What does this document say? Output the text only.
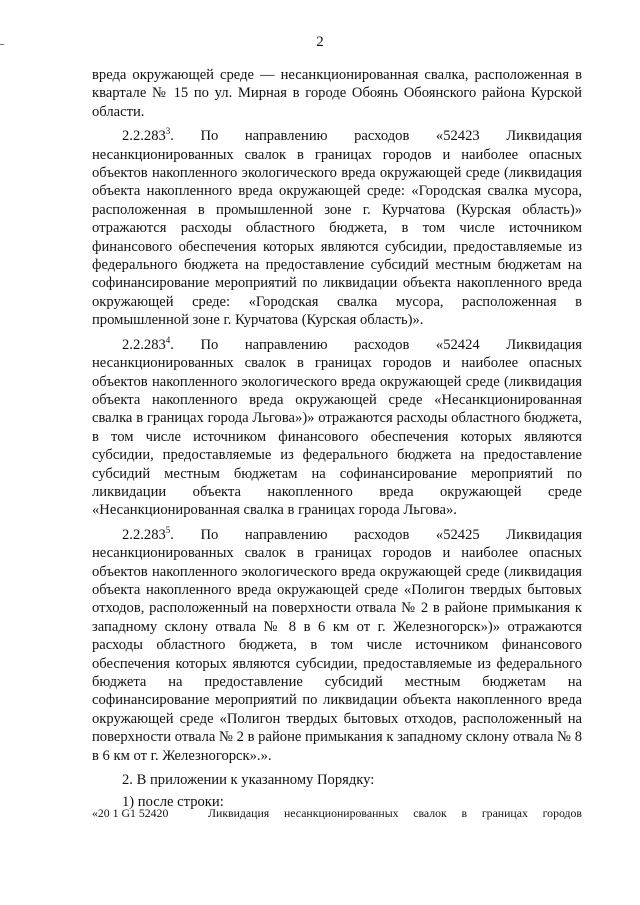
2

вреда окружающей среде — несанкционированная свалка, расположенная в квартале № 15 по ул. Мирная в городе Обоянь Обоянского района Курской области.

2.2.283$^3$. По направлению расходов «52423 Ликвидация несанкционированных свалок в границах городов и наиболее опасных объектов накопленного экологического вреда окружающей среде (ликвидация объекта накопленного вреда окружающей среде: «Городская свалка мусора, расположенная в промышленной зоне г. Курчатова (Курская область)» отражаются расходы областного бюджета, в том числе источником финансового обеспечения которых являются субсидии, предоставляемые из федерального бюджета на предоставление субсидий местным бюджетам на софинансирование мероприятий по ликвидации объекта накопленного вреда окружающей среде: «Городская свалка мусора, расположенная в промышленной зоне г. Курчатова (Курская область)».

2.2.283$^4$. По направлению расходов «52424 Ликвидация несанкционированных свалок в границах городов и наиболее опасных объектов накопленного экологического вреда окружающей среде (ликвидация объекта накопленного вреда окружающей среде «Несанкционированная свалка в границах города Льгова»)» отражаются расходы областного бюджета, в том числе источником финансового обеспечения которых являются субсидии, предоставляемые из федерального бюджета на предоставление субсидий местным бюджетам на софинансирование мероприятий по ликвидации объекта накопленного вреда окружающей среде «Несанкционированная свалка в границах города Льгова».

2.2.283$^5$. По направлению расходов «52425 Ликвидация несанкционированных свалок в границах городов и наиболее опасных объектов накопленного экологического вреда окружающей среде (ликвидация объекта накопленного вреда окружающей среде «Полигон твердых бытовых отходов, расположенный на поверхности отвала № 2 в районе примыкания к западному склону отвала № 8 в 6 км от г. Железногорск»)» отражаются расходы областного бюджета, в том числе источником финансового обеспечения которых являются субсидии, предоставляемые из федерального бюджета на предоставление субсидий местным бюджетам на софинансирование мероприятий по ликвидации объекта накопленного вреда окружающей среде «Полигон твердых бытовых отходов, расположенный на поверхности отвала № 2 в районе примыкания к западному склону отвала № 8 в 6 км от г. Железногорск».».

2. В приложении к указанному Порядку:

1) после строки:

«20 1 G1 52420	Ликвидация несанкционированных свалок в границах городов
